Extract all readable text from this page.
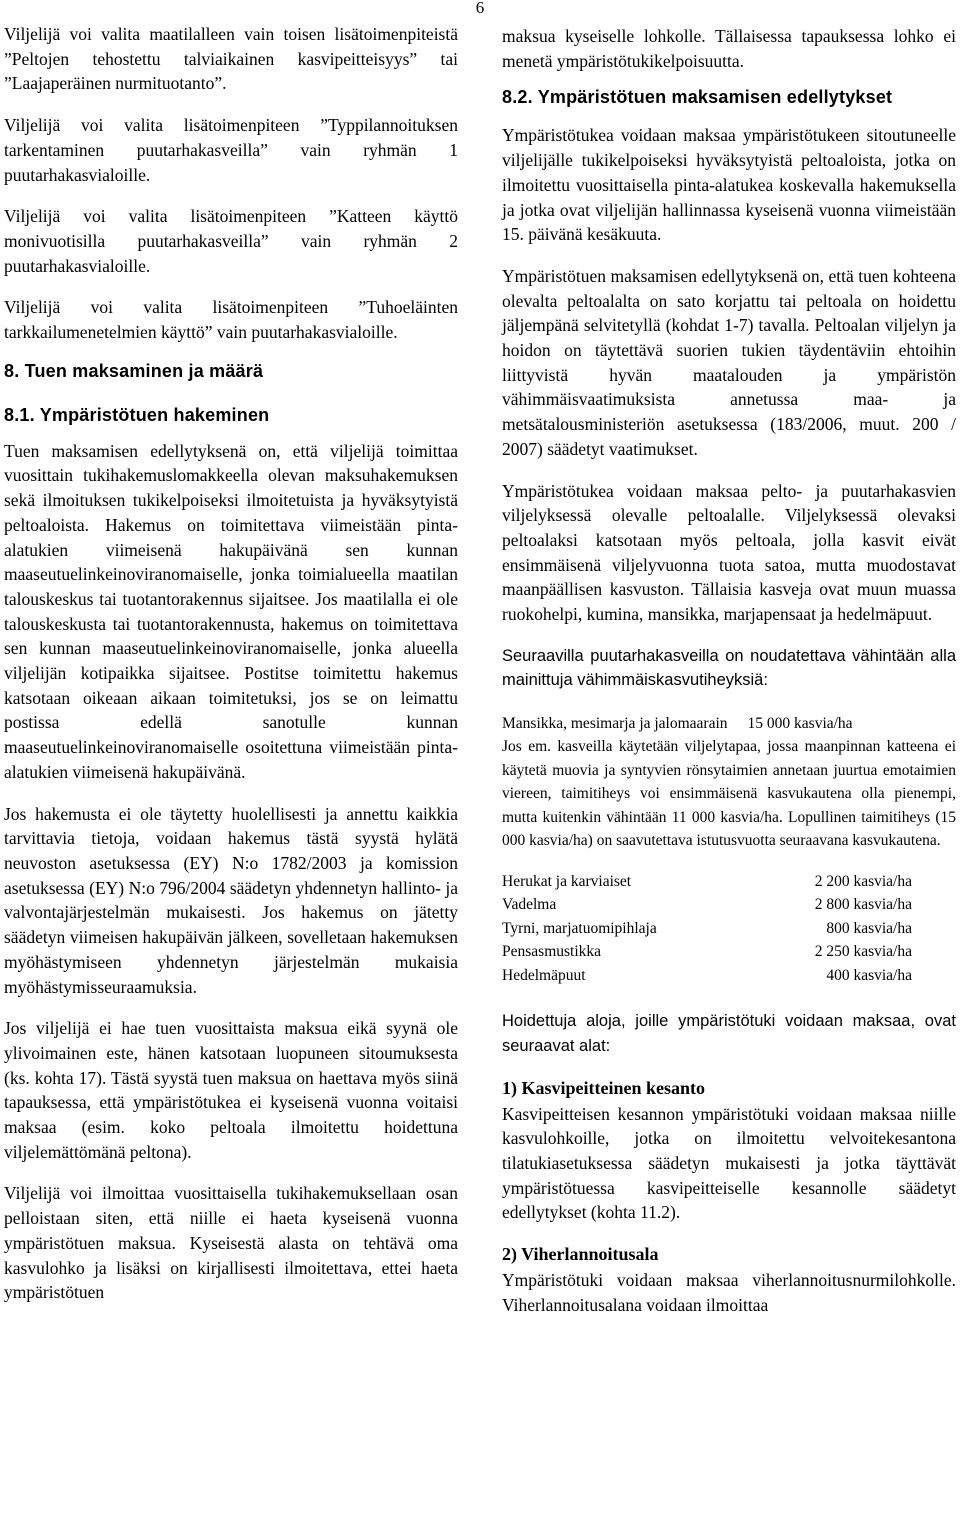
6

Viljelijä voi valita maatilalleen vain toisen lisätoimenpiteistä ”Peltojen tehostettu talviaikainen kasvipeitteisyys” tai ”Laajaperäinen nurmituotanto”.

Viljelijä voi valita lisätoimenpiteen ”Typpilannoituksen tarkentaminen puutarhakasveilla” vain ryhmän 1 puutarhakasvialoille.

Viljelijä voi valita lisätoimenpiteen ”Katteen käyttö monivuotisilla puutarhakasveilla” vain ryhmän 2 puutarhakasvialoille.

Viljelijä voi valita lisätoimenpiteen ”Tuhoeläinten tarkkailumenetelmien käyttö” vain puutarhakasvialoille.

8. Tuen maksaminen ja määrä
8.1. Ympäristötuen hakeminen

Tuen maksamisen edellytyksenä on, että viljelijä toimittaa vuosittain tukihakemuslomakkeella olevan maksuhakemuksen sekä ilmoituksen tukikelpoiseksi ilmoitetuista ja hyväksytyistä peltoaloista. Hakemus on toimitettava viimeistään pinta-alatukien viimeisenä hakupäivänä sen kunnan maaseutuelinkeinoviranomaiselle, jonka toimialueella maatilan talouskeskus tai tuotantorakennus sijaitsee. Jos maatilalla ei ole talouskeskusta tai tuotantorakennusta, hakemus on toimitettava sen kunnan maaseutuelinkeinoviranomaiselle, jonka alueella viljelijän kotipaikka sijaitsee. Postitse toimitettu hakemus katsotaan oikeaan aikaan toimitetuksi, jos se on leimattu postissa edellä sanotulle kunnan maaseutuelinkeinoviranomaiselle osoitettuna viimeistään pinta-alatukien viimeisenä hakupäivänä.

Jos hakemusta ei ole täytetty huolellisesti ja annettu kaikkia tarvittavia tietoja, voidaan hakemus tästä syystä hylätä neuvoston asetuksessa (EY) N:o 1782/2003 ja komission asetuksessa (EY) N:o 796/2004 säädetyn yhdennetyn hallinto- ja valvontajärjestelmän mukaisesti. Jos hakemus on jätetty säädetyn viimeisen hakupäivän jälkeen, sovelletaan hakemuksen myöhästymiseen yhdennetyn järjestelmän mukaisia myöhästymisseuraamuksia.

Jos viljelijä ei hae tuen vuosittaista maksua eikä syynä ole ylivoimainen este, hänen katsotaan luopuneen sitoumuksesta (ks. kohta 17). Tästä syystä tuen maksua on haettava myös siinä tapauksessa, että ympäristötukea ei kyseisenä vuonna voitaisi maksaa (esim. koko peltoala ilmoitettu hoidettuna viljelemättömänä peltona).

Viljelijä voi ilmoittaa vuosittaisella tukihakemuksellaan osan pelloistaan siten, että niille ei haeta kyseisenä vuonna ympäristötuen maksua. Kyseisestä alasta on tehtävä oma kasvulohko ja lisäksi on kirjallisesti ilmoitettava, ettei haeta ympäristötuen

maksua kyseiselle lohkolle. Tällaisessa tapauksessa lohko ei menetä ympäristötukikelpoisuutta.

8.2. Ympäristötuen maksamisen edellytykset

Ympäristötukea voidaan maksaa ympäristötukeen sitoutuneelle viljelijälle tukikelpoiseksi hyväksytyistä peltoaloista, jotka on ilmoitettu vuosittaisella pinta-alatukea koskevalla hakemuksella ja jotka ovat viljelijän hallinnassa kyseisenä vuonna viimeistään 15. päivänä kesäkuuta.

Ympäristötuen maksamisen edellytyksenä on, että tuen kohteena olevalta peltoalalta on sato korjattu tai peltoala on hoidettu jäljempänä selvitetyllä (kohdat 1-7) tavalla. Peltoalan viljelyn ja hoidon on täytettävä suorien tukien täydentäviin ehtoihin liittyvistä hyvän maatalouden ja ympäristön vähimmäisvaatimuksista annetussa maa- ja metsätalousministeriön asetuksessa (183/2006, muut. 200 / 2007) säädetyt vaatimukset.

Ympäristötukea voidaan maksaa pelto- ja puutarhakasvien viljelyksessä olevalle peltoalalle. Viljelyksessä olevaksi peltoalaksi katsotaan myös peltoala, jolla kasvit eivät ensimmäisenä viljelyvuonna tuota satoa, mutta muodostavat maanpäällisen kasvuston. Tällaisia kasveja ovat muun muassa ruokohelpi, kumina, mansikka, marjapensaat ja hedelmäpuut.

Seuraavilla puutarhakasveilla on noudatettava vähintään alla mainittuja vähimmäiskasvutiheyksiä:

Mansikka, mesimarja ja jalomaarain 15 000 kasvia/ha

Jos em. kasveilla käytetään viljelytapaa, jossa maanpinnan katteena ei käytetä muovia ja syntyvien rönsytaimien annetaan juurtua emotaimien viereen, taimitiheys voi ensimmäisenä kasvukautena olla pienempi, mutta kuitenkin vähintään 11 000 kasvia/ha. Lopullinen taimitiheys (15 000 kasvia/ha) on saavutettava istutusvuotta seuraavana kasvukautena.

Herukat ja karviaiset	2 200 kasvia/ha
Vadelma	2 800 kasvia/ha
Tyrni, marjatuomipihlaja	800 kasvia/ha
Pensasmustikka	2 250 kasvia/ha
Hedelmäpuut	400 kasvia/ha

Hoidettuja aloja, joille ympäristötuki voidaan maksaa, ovat seuraavat alat:

1) Kasvipeitteinen kesanto

Kasvipeitteisen kesannon ympäristötuki voidaan maksaa niille kasvulohkoille, jotka on ilmoitettu velvoitekesantona tilatukiasetuksessa säädetyn mukaisesti ja jotka täyttävät ympäristötuessa kasvipeitteiselle kesannolle säädetyt edellytykset (kohta 11.2).

2) Viherlannoitusala

Ympäristötuki voidaan maksaa viherlannoitusnurmilohkolle. Viherlannoitusalana voidaan ilmoittaa
